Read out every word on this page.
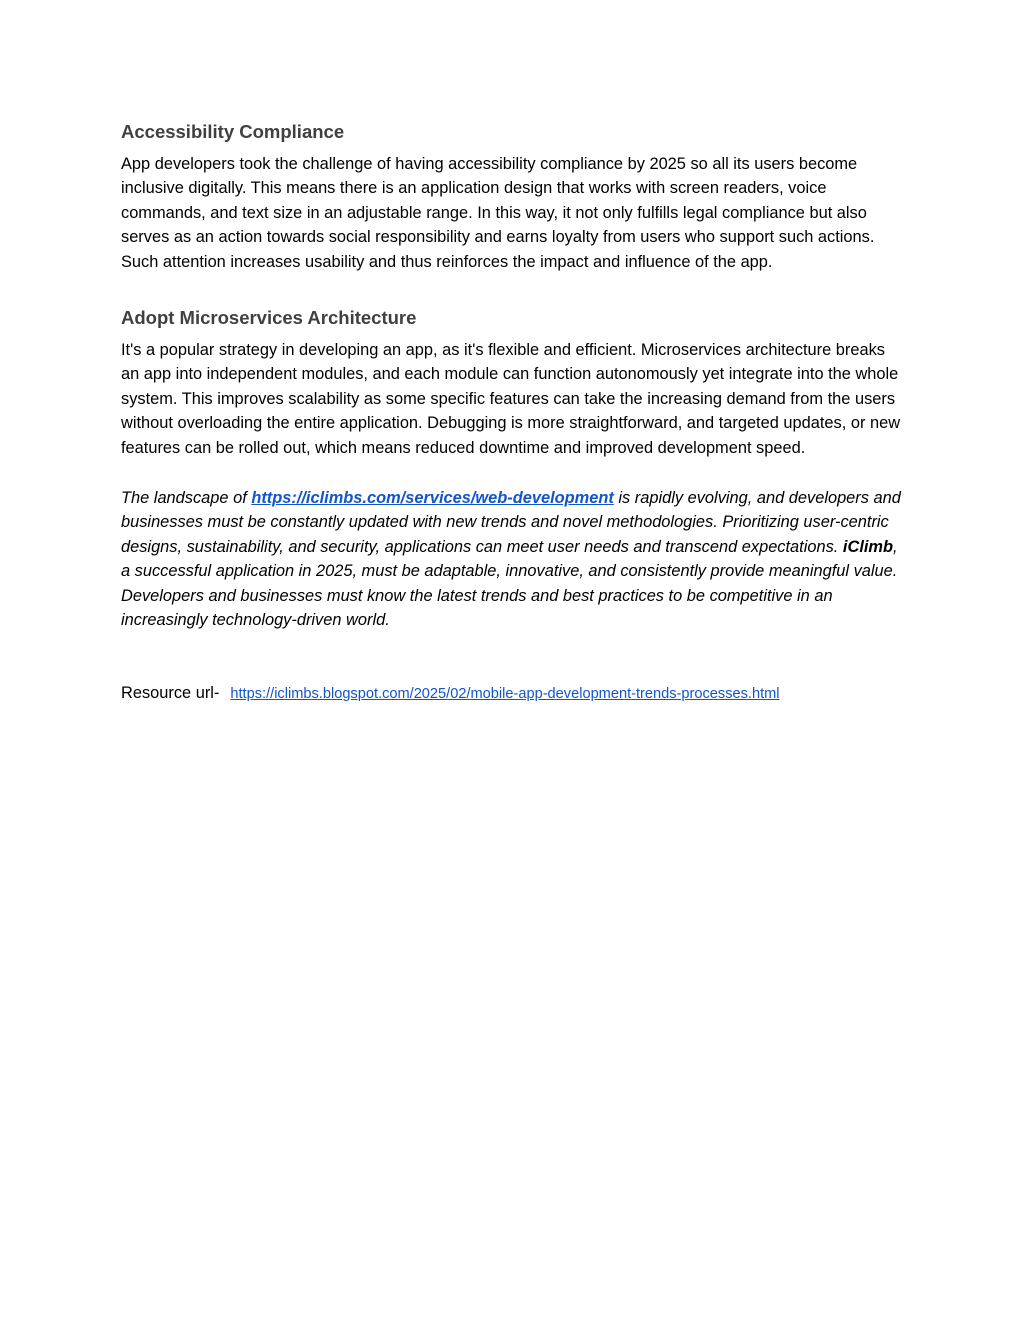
Accessibility Compliance

App developers took the challenge of having accessibility compliance by 2025 so all its users become inclusive digitally. This means there is an application design that works with screen readers, voice commands, and text size in an adjustable range. In this way, it not only fulfills legal compliance but also serves as an action towards social responsibility and earns loyalty from users who support such actions. Such attention increases usability and thus reinforces the impact and influence of the app.

Adopt Microservices Architecture

It's a popular strategy in developing an app, as it's flexible and efficient. Microservices architecture breaks an app into independent modules, and each module can function autonomously yet integrate into the whole system. This improves scalability as some specific features can take the increasing demand from the users without overloading the entire application. Debugging is more straightforward, and targeted updates, or new features can be rolled out, which means reduced downtime and improved development speed.

The landscape of https://iclimbs.com/services/web-development is rapidly evolving, and developers and businesses must be constantly updated with new trends and novel methodologies. Prioritizing user-centric designs, sustainability, and security, applications can meet user needs and transcend expectations. iClimb, a successful application in 2025, must be adaptable, innovative, and consistently provide meaningful value. Developers and businesses must know the latest trends and best practices to be competitive in an increasingly technology-driven world.

Resource url- https://iclimbs.blogspot.com/2025/02/mobile-app-development-trends-processes.html
